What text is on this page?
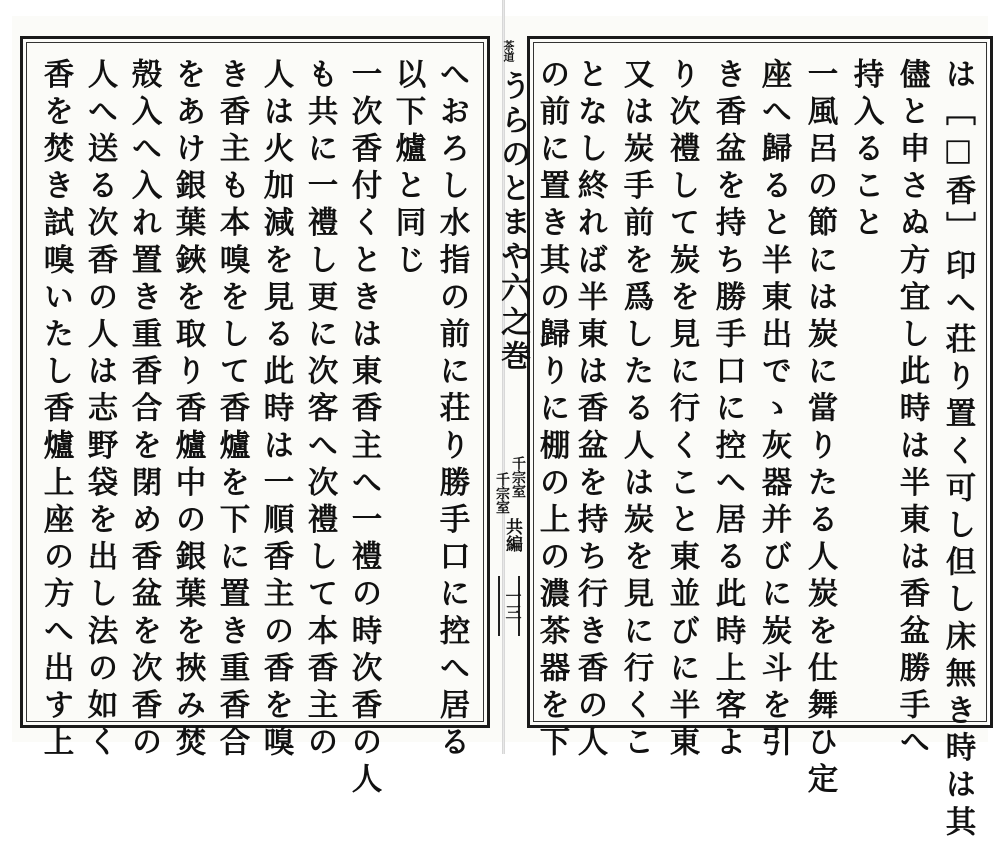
茶道
うらのとまや
六之巻
千宗室
千宗室
共編
一三	は［□香］印へ荘り置く可し但し床無き時は其
儘と申さぬ方宜し此時は半東は香盆勝手へ
持入ること
一風呂の節には炭に當りたる人炭を仕舞ひ定
座へ歸ると半東出でゝ灰器并びに炭斗を引
き香盆を持ち勝手口に控へ居る此時上客よ
り次禮して炭を見に行くこと東並びに半東
又は炭手前を爲したる人は炭を見に行くこ
となし終れば半東は香盆を持ち行き香の人
の前に置き其の歸りに棚の上の濃茶器を下
へおろし水指の前に荘り勝手口に控へ居る
以下爐と同じ
一次香付くときは東香主へ一禮の時次香の人
も共に一禮し更に次客へ次禮して本香主の
人は火加減を見る此時は一順香主の香を嗅
き香主も本嗅をして香爐を下に置き重香合
をあけ銀葉鋏を取り香爐中の銀葉を挾み焚
殻入へ入れ置き重香合を閉め香盆を次香の
人へ送る次香の人は志野袋を出し法の如く
香を焚き試嗅いたし香爐上座の方へ出す上
